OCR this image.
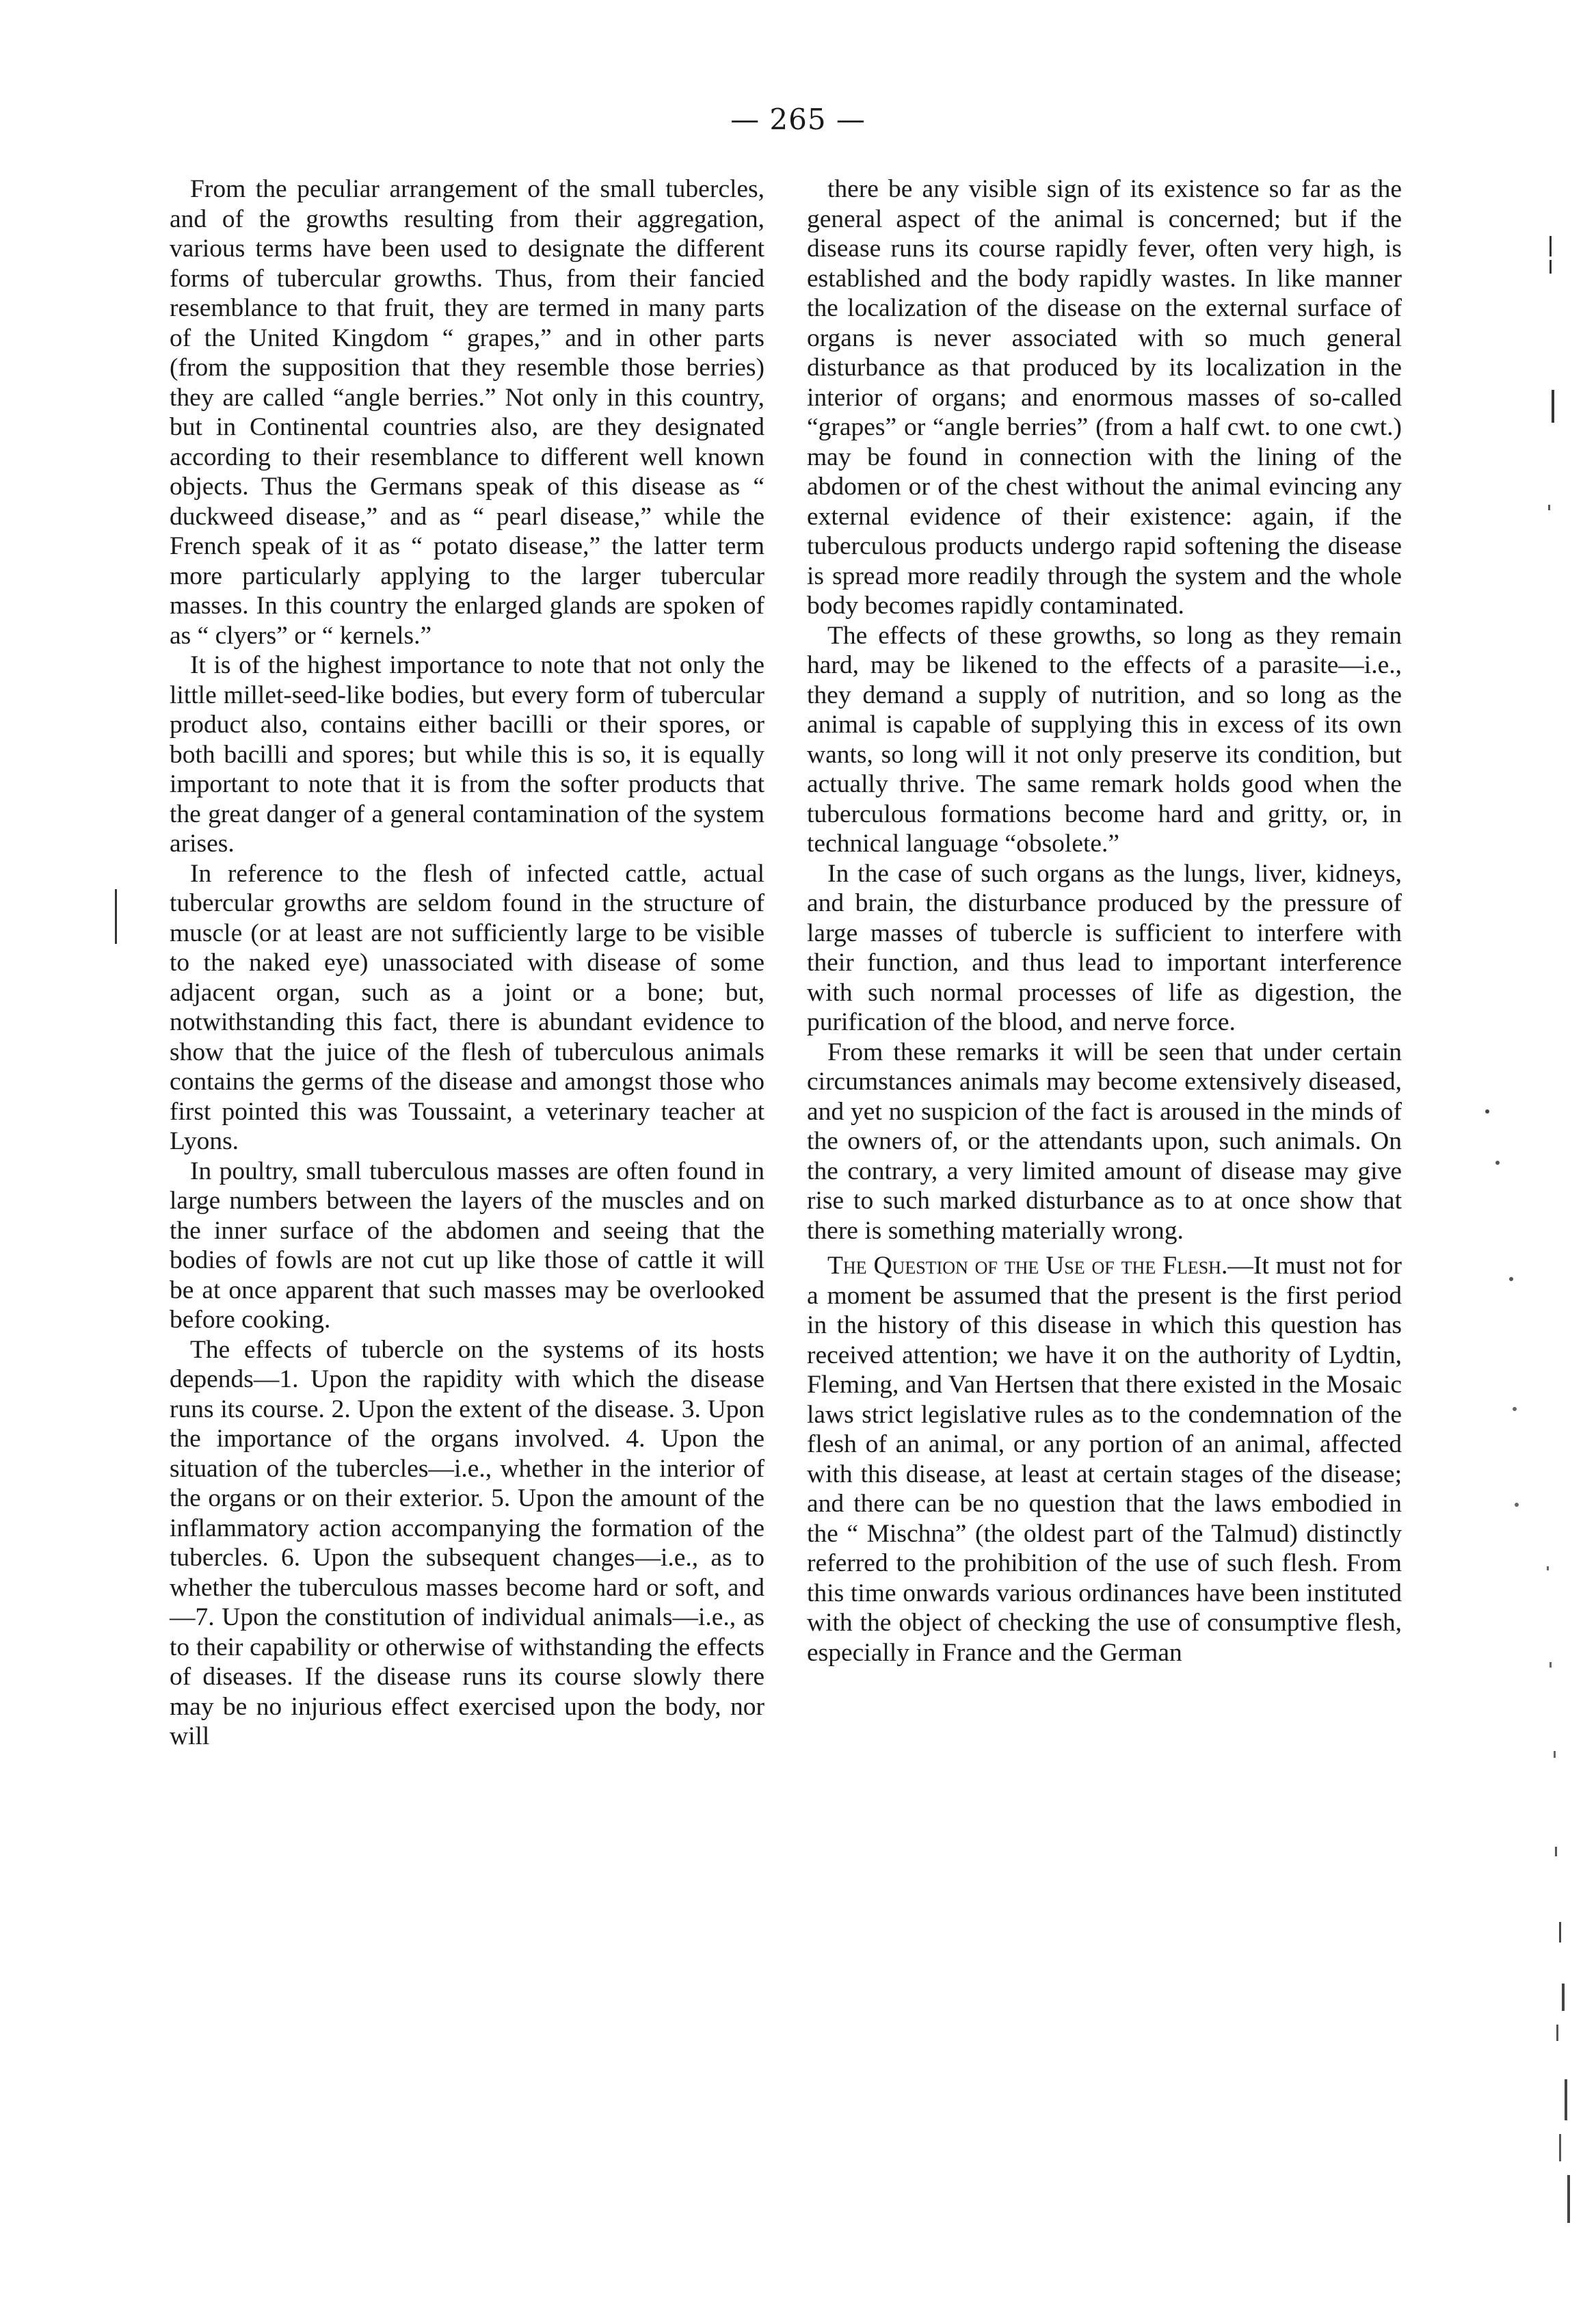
— 265 —

From the peculiar arrangement of the small tubercles, and of the growths resulting from their aggregation, various terms have been used to designate the different forms of tubercular growths. Thus, from their fancied resemblance to that fruit, they are termed in many parts of the United Kingdom “ grapes,” and in other parts (from the supposition that they resemble those berries) they are called “angle berries.” Not only in this country, but in Continental countries also, are they designated according to their resemblance to different well known objects. Thus the Germans speak of this disease as “ duckweed disease,” and as “ pearl disease,” while the French speak of it as “ potato disease,” the latter term more particularly applying to the larger tubercular masses. In this country the enlarged glands are spoken of as “ clyers” or “ kernels.”

It is of the highest importance to note that not only the little millet-seed-like bodies, but every form of tubercular product also, contains either bacilli or their spores, or both bacilli and spores; but while this is so, it is equally important to note that it is from the softer products that the great danger of a general contamination of the system arises.

In reference to the flesh of infected cattle, actual tubercular growths are seldom found in the structure of muscle (or at least are not sufficiently large to be visible to the naked eye) unassociated with disease of some adjacent organ, such as a joint or a bone; but, notwithstanding this fact, there is abundant evidence to show that the juice of the flesh of tuberculous animals contains the germs of the disease and amongst those who first pointed this was Toussaint, a veterinary teacher at Lyons.

In poultry, small tuberculous masses are often found in large numbers between the layers of the muscles and on the inner surface of the abdomen and seeing that the bodies of fowls are not cut up like those of cattle it will be at once apparent that such masses may be overlooked before cooking.

The effects of tubercle on the systems of its hosts depends—1. Upon the rapidity with which the disease runs its course. 2. Upon the extent of the disease. 3. Upon the importance of the organs involved. 4. Upon the situation of the tubercles—i.e., whether in the interior of the organs or on their exterior. 5. Upon the amount of the inflammatory action accompanying the formation of the tubercles. 6. Upon the subsequent changes—i.e., as to whether the tuberculous masses become hard or soft, and—7. Upon the constitution of individual animals—i.e., as to their capability or otherwise of withstanding the effects of diseases. If the disease runs its course slowly there may be no injurious effect exercised upon the body, nor will

there be any visible sign of its existence so far as the general aspect of the animal is concerned; but if the disease runs its course rapidly fever, often very high, is established and the body rapidly wastes. In like manner the localization of the disease on the external surface of organs is never associated with so much general disturbance as that produced by its localization in the interior of organs; and enormous masses of so-called “grapes” or “angle berries” (from a half cwt. to one cwt.) may be found in connection with the lining of the abdomen or of the chest without the animal evincing any external evidence of their existence: again, if the tuberculous products undergo rapid softening the disease is spread more readily through the system and the whole body becomes rapidly contaminated.

The effects of these growths, so long as they remain hard, may be likened to the effects of a parasite—i.e., they demand a supply of nutrition, and so long as the animal is capable of supplying this in excess of its own wants, so long will it not only preserve its condition, but actually thrive. The same remark holds good when the tuberculous formations become hard and gritty, or, in technical language “obsolete.”

In the case of such organs as the lungs, liver, kidneys, and brain, the disturbance produced by the pressure of large masses of tubercle is sufficient to interfere with their function, and thus lead to important interference with such normal processes of life as digestion, the purification of the blood, and nerve force.

From these remarks it will be seen that under certain circumstances animals may become extensively diseased, and yet no suspicion of the fact is aroused in the minds of the owners of, or the attendants upon, such animals. On the contrary, a very limited amount of disease may give rise to such marked disturbance as to at once show that there is something materially wrong.

The Question of the Use of the Flesh.—It must not for a moment be assumed that the present is the first period in the history of this disease in which this question has received attention; we have it on the authority of Lydtin, Fleming, and Van Hertsen that there existed in the Mosaic laws strict legislative rules as to the condemnation of the flesh of an animal, or any portion of an animal, affected with this disease, at least at certain stages of the disease; and there can be no question that the laws embodied in the “ Mischna” (the oldest part of the Talmud) distinctly referred to the prohibition of the use of such flesh. From this time onwards various ordinances have been instituted with the object of checking the use of consumptive flesh, especially in France and the German
